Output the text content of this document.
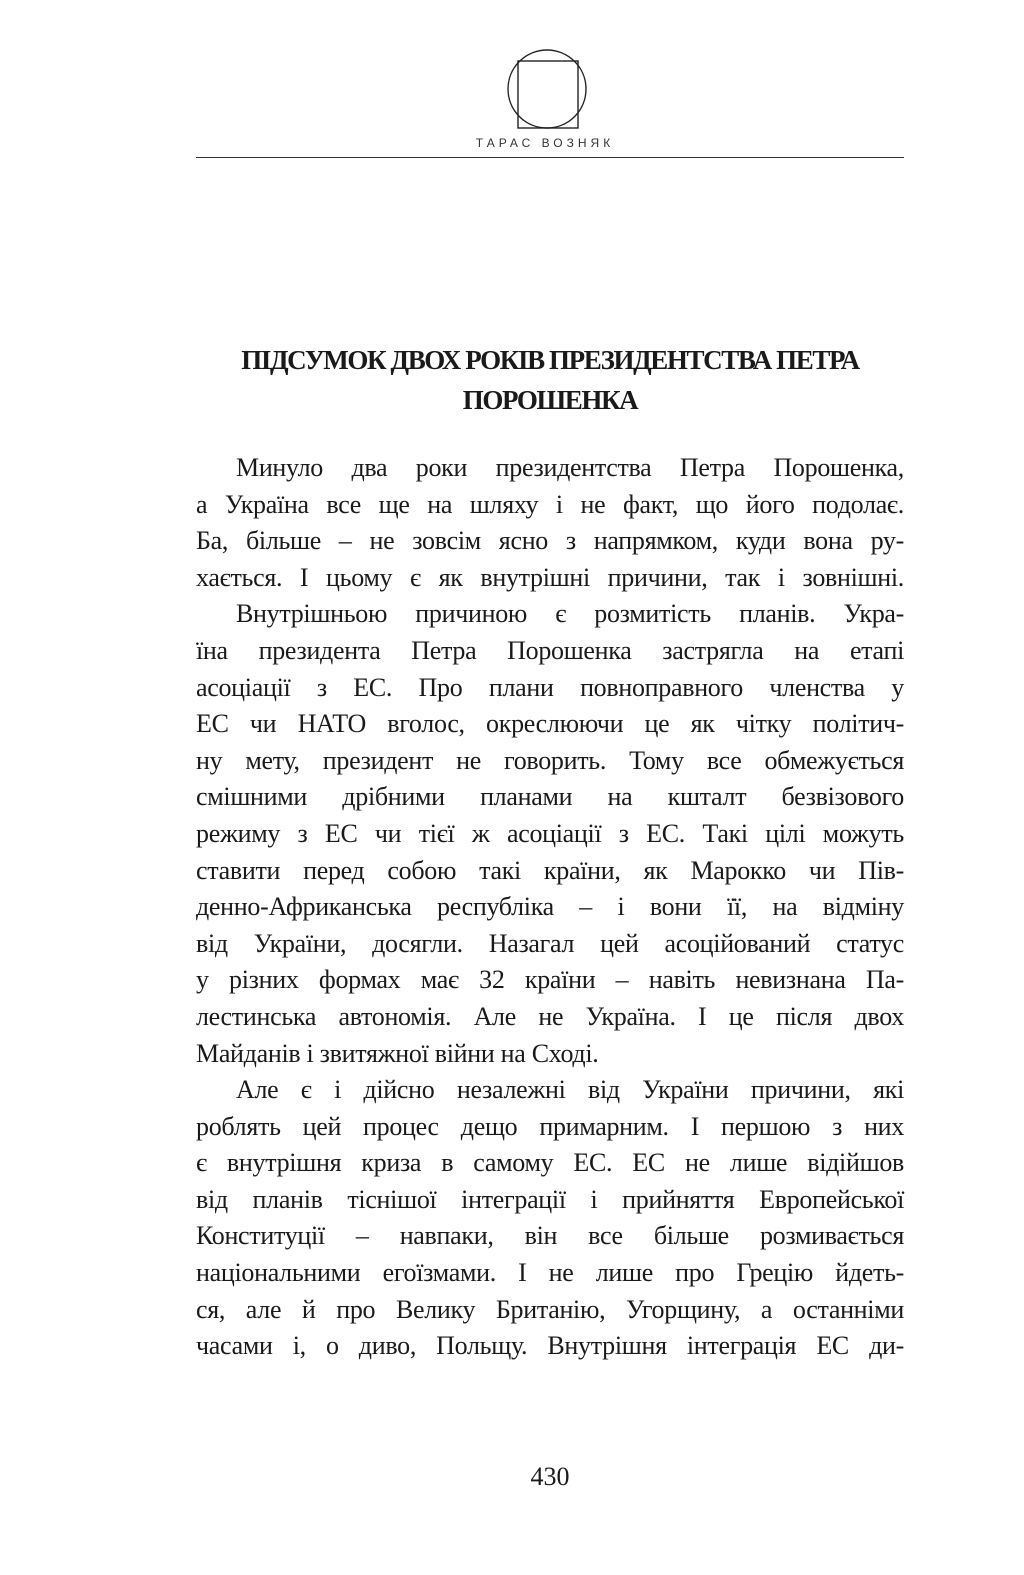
ТАРАС ВОЗНЯК
ПІДСУМОК ДВОХ РОКІВ ПРЕЗИДЕНТСТВА ПЕТРА
ПОРОШЕНКА
Минуло два роки президентства Петра Порошенка,
а Україна все ще на шляху і не факт, що його подолає.
Ба, більше – не зовсім ясно з напрямком, куди вона ру-
хається. І цьому є як внутрішні причини, так і зовнішні.
Внутрішньою причиною є розмитість планів. Укра-
їна президента Петра Порошенка застрягла на етапі
асоціації з ЕС. Про плани повноправного членства у
ЕС чи НАТО вголос, окреслюючи це як чітку політич-
ну мету, президент не говорить. Тому все обмежується
смішними дрібними планами на кшталт безвізового
режиму з ЕС чи тієї ж асоціації з ЕС. Такі цілі можуть
ставити перед собою такі країни, як Марокко чи Пів-
денно-Африканська республіка – і вони її, на відміну
від України, досягли. Назагал цей асоційований статус
у різних формах має 32 країни – навіть невизнана Па-
лестинська автономія. Але не Україна. І це після двох
Майданів і звитяжної війни на Сході.
Але є і дійсно незалежні від України причини, які
роблять цей процес дещо примарним. І першою з них
є внутрішня криза в самому ЕС. ЕС не лише відійшов
від планів тіснішої інтеграції і прийняття Европейської
Конституції – навпаки, він все більше розмивається
національними егоїзмами. І не лише про Грецію йдеть-
ся, але й про Велику Британію, Угорщину, а останніми
часами і, о диво, Польщу. Внутрішня інтеграція ЕС ди-
430
